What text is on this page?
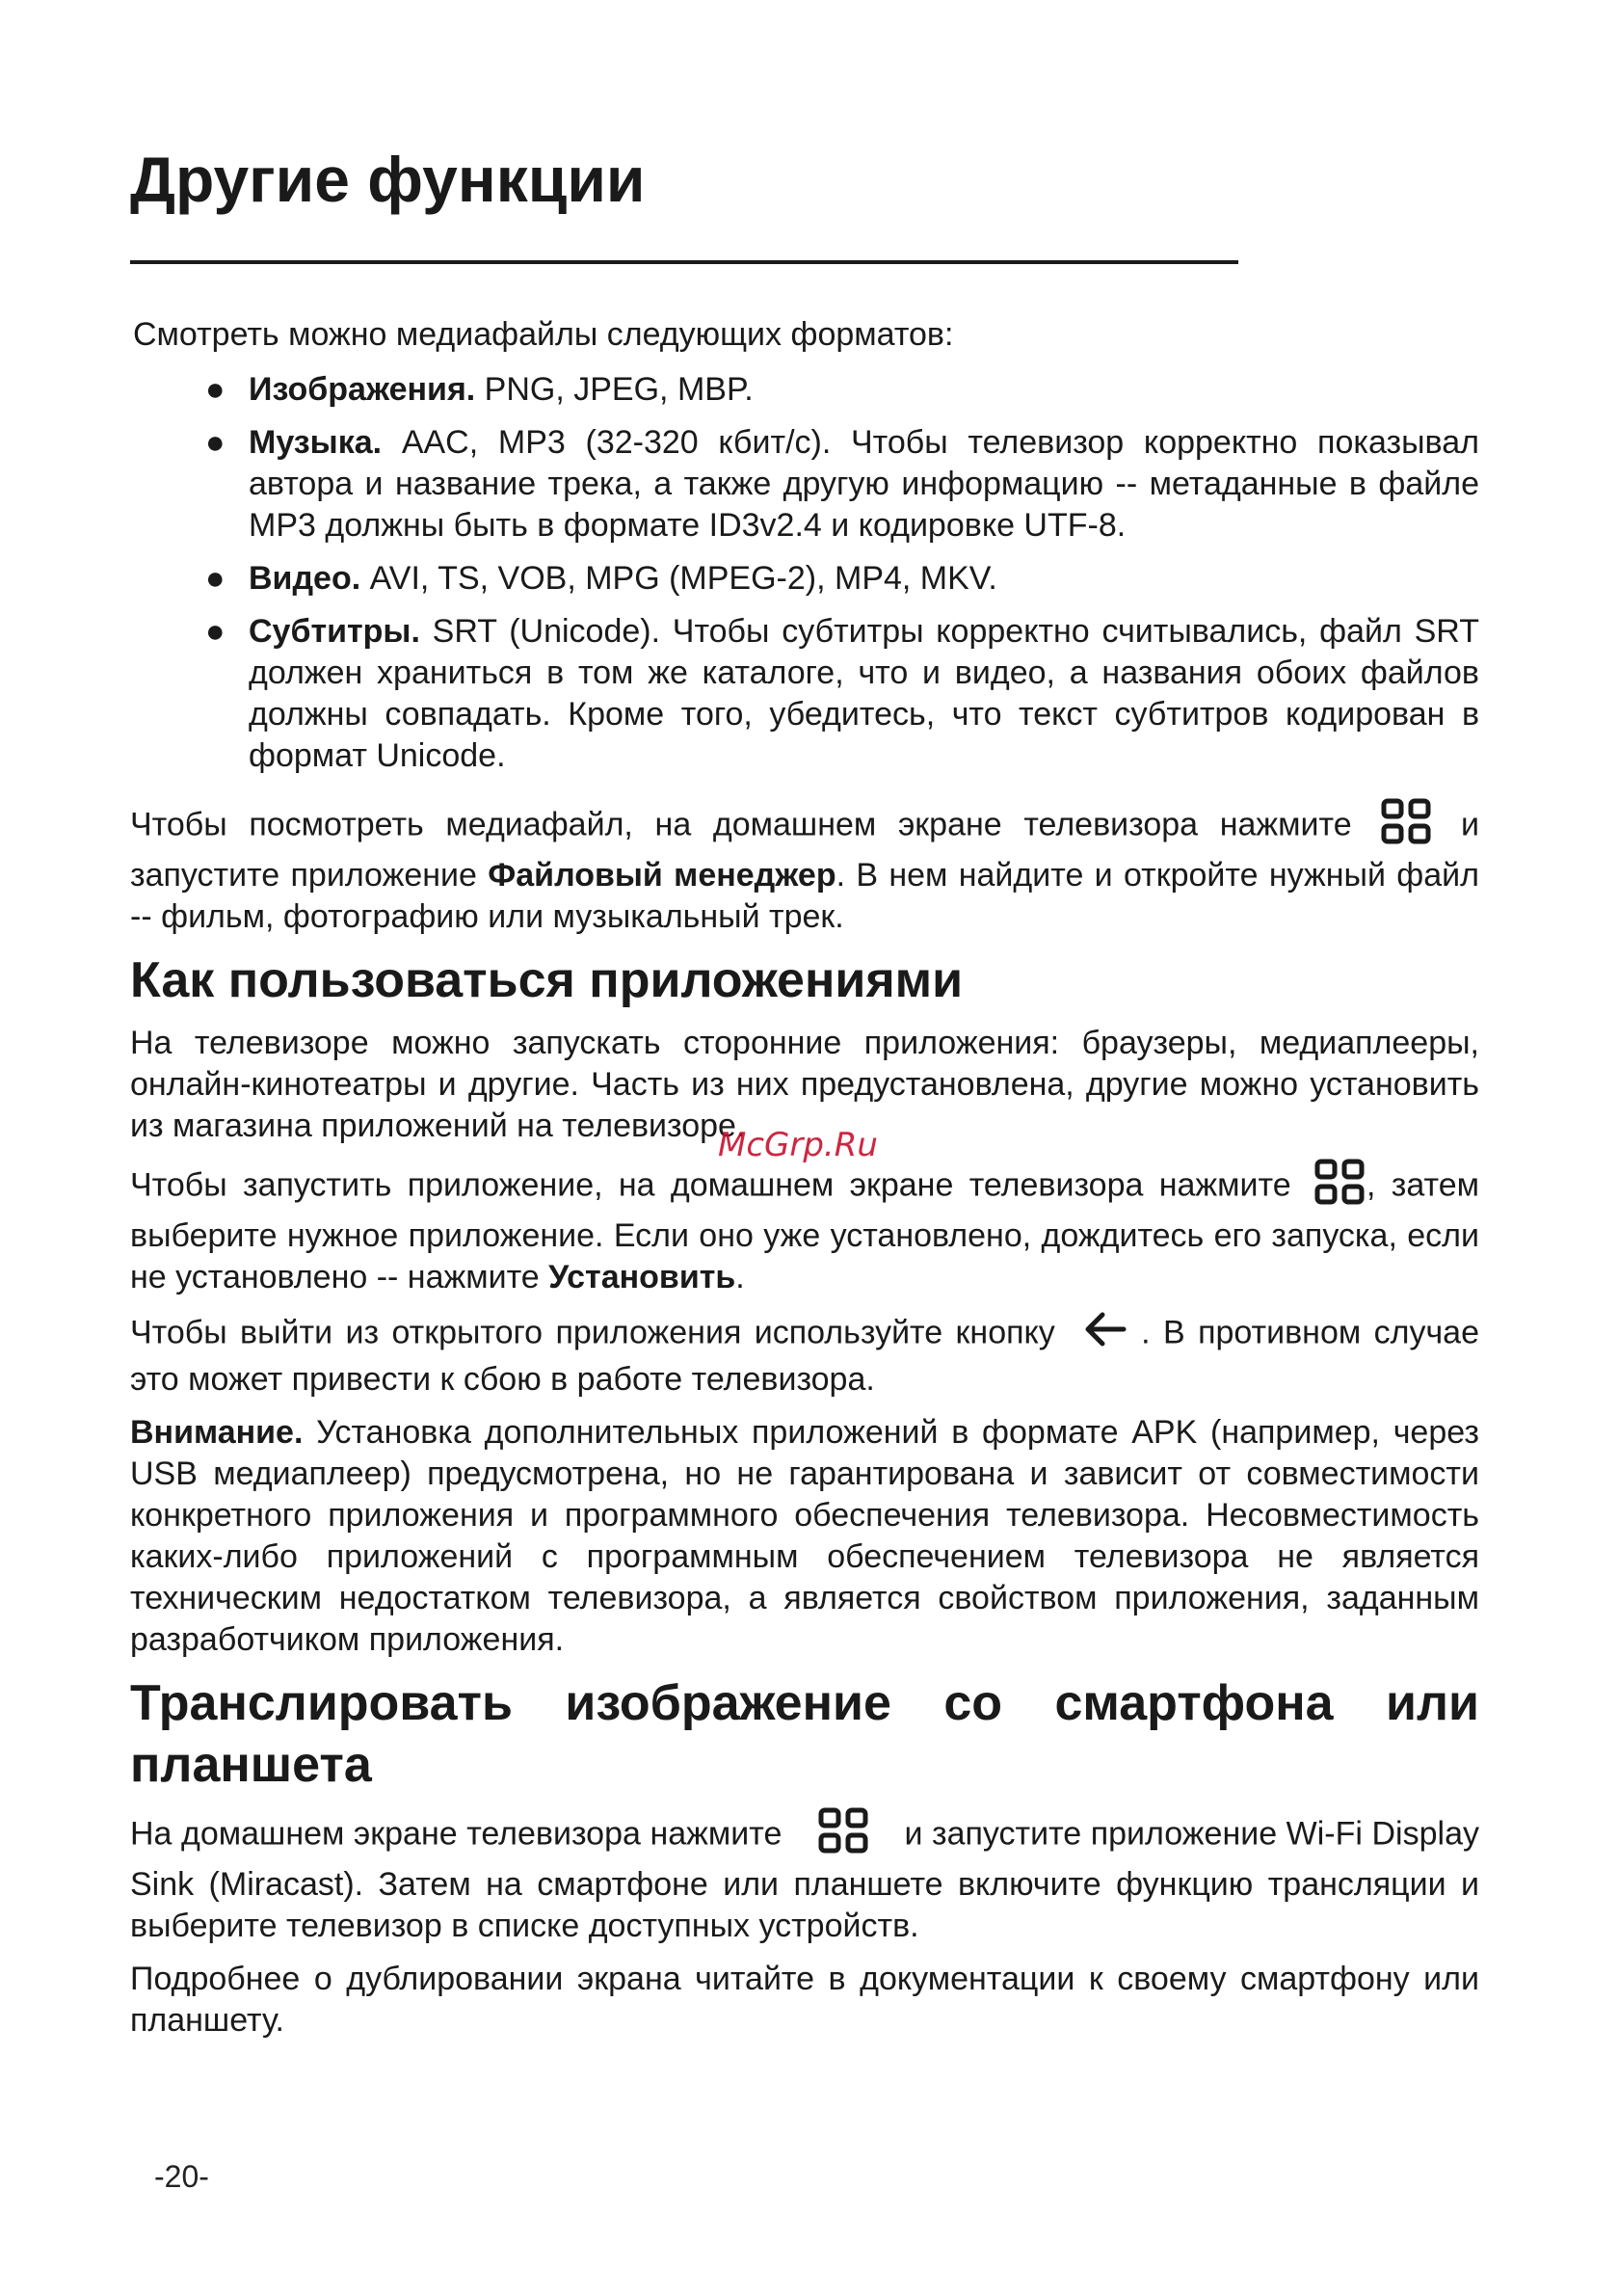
Другие функции

Смотреть можно медиафайлы следующих форматов:

● Изображения. PNG, JPEG, MBP.
● Музыка. AAC, MP3 (32-320 кбит/с). Чтобы телевизор корректно показывал автора и название трека, а также другую информацию -- метаданные в файле MP3 должны быть в формате ID3v2.4 и кодировке UTF-8.
● Видео. AVI, TS, VOB, MPG (MPEG-2), MP4, MKV.
● Субтитры. SRT (Unicode). Чтобы субтитры корректно считывались, файл SRT должен храниться в том же каталоге, что и видео, а названия обоих файлов должны совпадать. Кроме того, убедитесь, что текст субтитров кодирован в формат Unicode.

Чтобы посмотреть медиафайл, на домашнем экране телевизора нажмите	и запустите приложение Файловый менеджер. В нем найдите и откройте нужный файл -- фильм, фотографию или музыкальный трек.

Как пользоваться приложениями

На телевизоре можно запускать сторонние приложения: браузеры, медиаплееры, онлайн-кинотеатры и другие. Часть из них предустановлена, другие можно установить из магазина приложений на телевизоре.

Чтобы запустить приложение, на домашнем экране телевизора нажмите , затем выберите нужное приложение. Если оно уже установлено, дождитесь его запуска, если не установлено -- нажмите Установить.

Чтобы выйти из открытого приложения используйте кнопку	. В противном случае это может привести к сбою в работе телевизора.

Внимание. Установка дополнительных приложений в формате APK (например, через USB медиаплеер) предусмотрена, но не гарантирована и зависит от совместимости конкретного приложения и программного обеспечения телевизора. Несовместимость каких-либо приложений с программным обеспечением телевизора не является техническим недостатком телевизора, а является свойством приложения, заданным разработчиком приложения.

Транслировать изображение со смартфона или планшета

На домашнем экране телевизора нажмите	и запустите приложение Wi-Fi Display Sink (Miracast). Затем на смартфоне или планшете включите функцию трансляции и выберите телевизор в списке доступных устройств.

Подробнее о дублировании экрана читайте в документации к своему смартфону или планшету.

McGrp.Ru
-20-
